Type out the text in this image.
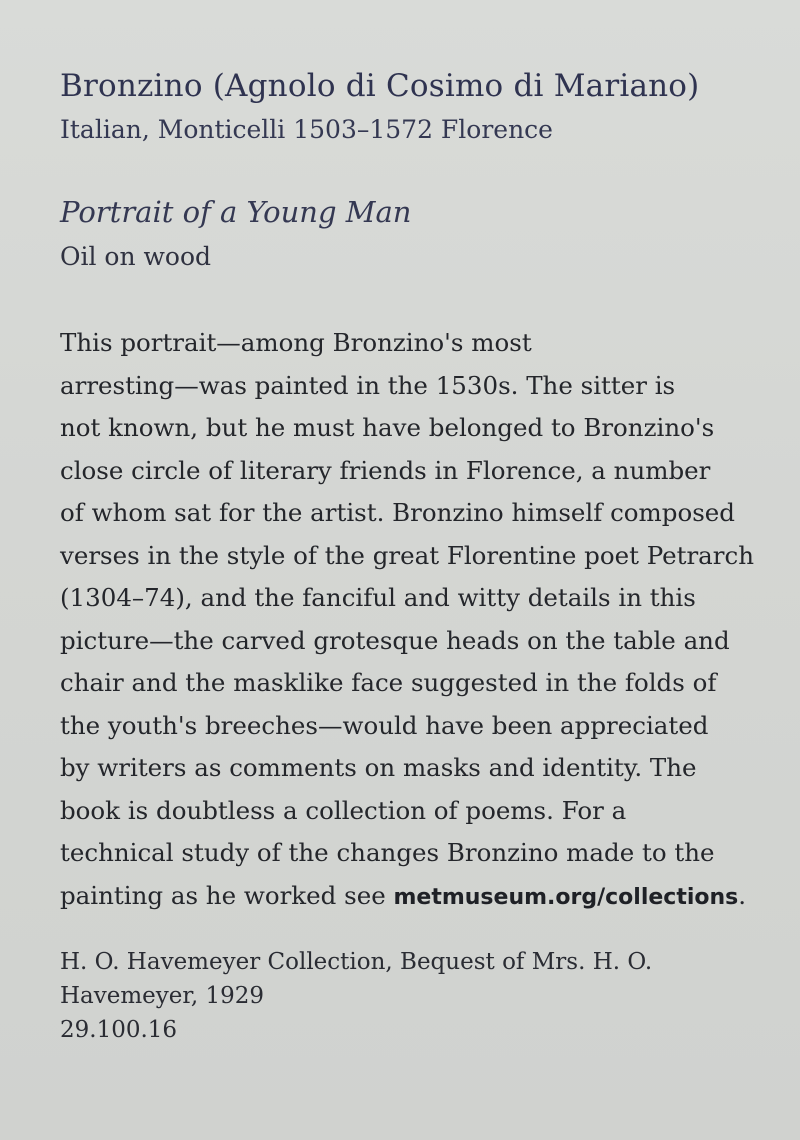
Bronzino (Agnolo di Cosimo di Mariano)
Italian, Monticelli 1503–1572 Florence
Portrait of a Young Man
Oil on wood
This portrait—among Bronzino's most
arresting—was painted in the 1530s. The sitter is
not known, but he must have belonged to Bronzino's
close circle of literary friends in Florence, a number
of whom sat for the artist. Bronzino himself composed
verses in the style of the great Florentine poet Petrarch
(1304–74), and the fanciful and witty details in this
picture—the carved grotesque heads on the table and
chair and the masklike face suggested in the folds of
the youth's breeches—would have been appreciated
by writers as comments on masks and identity. The
book is doubtless a collection of poems. For a
technical study of the changes Bronzino made to the
painting as he worked see metmuseum.org/collections.
H. O. Havemeyer Collection, Bequest of Mrs. H. O.
Havemeyer, 1929
29.100.16
